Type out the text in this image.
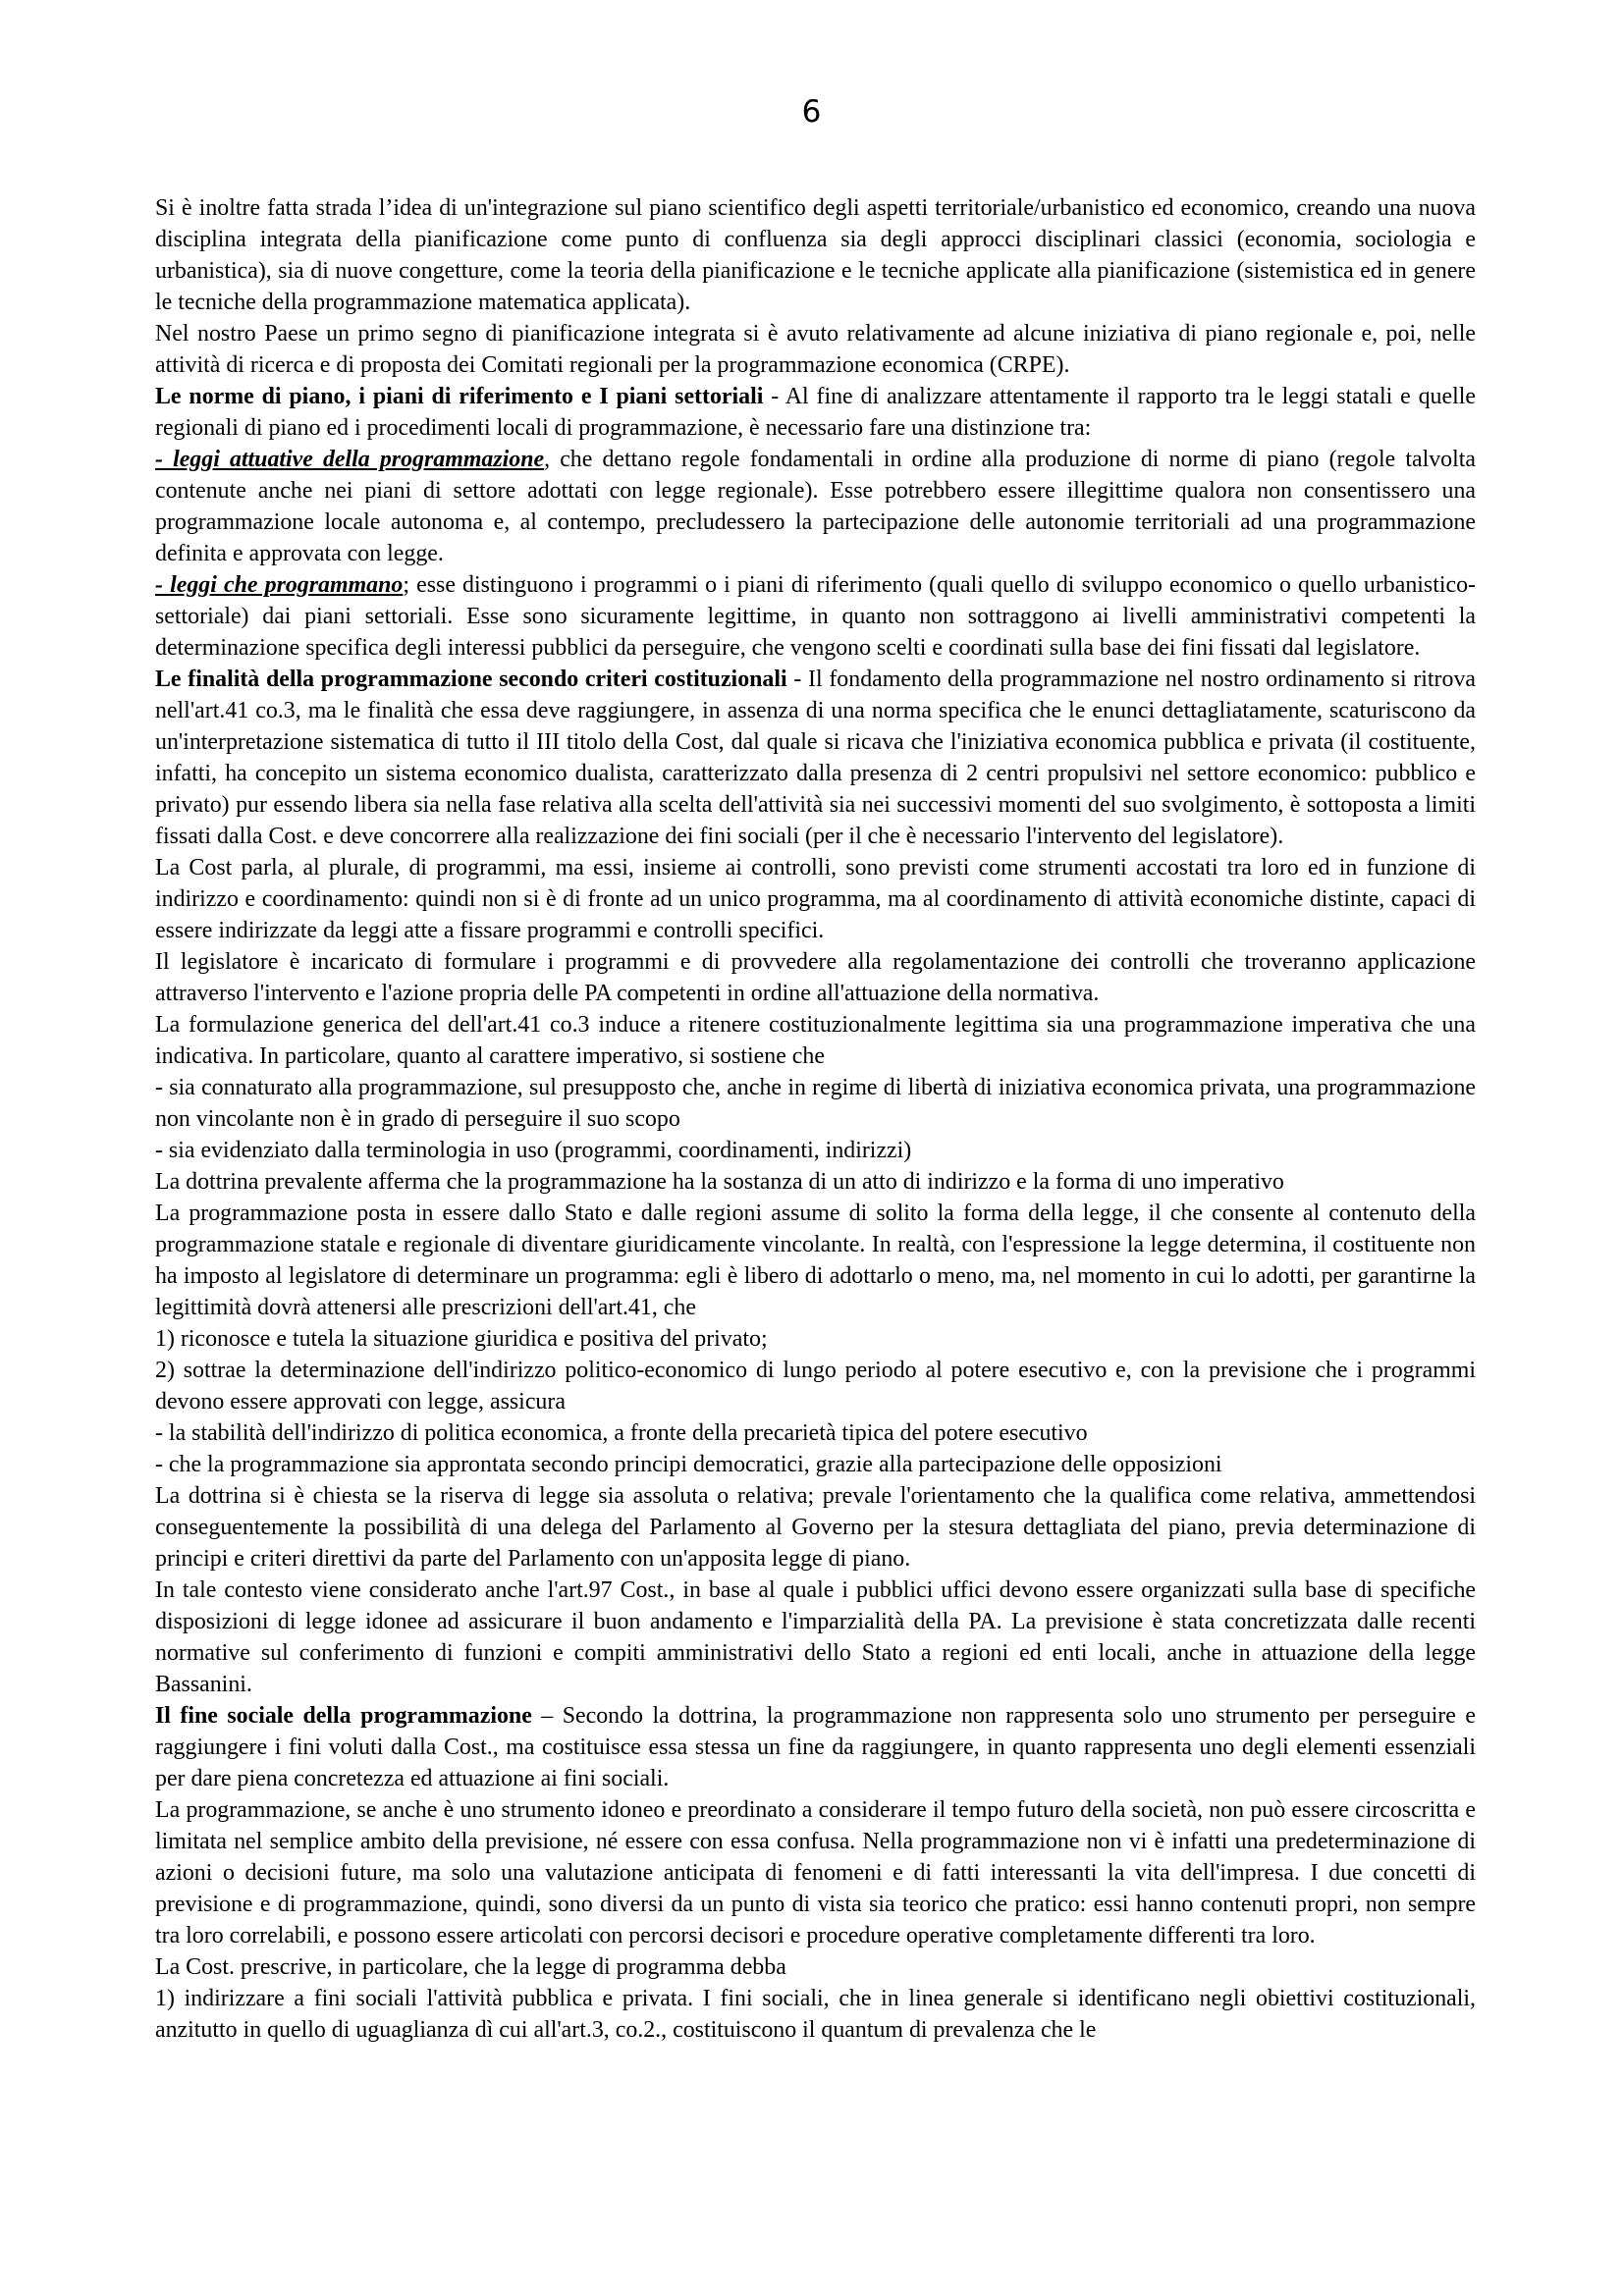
6

Si è inoltre fatta strada l’idea di un'integrazione sul piano scientifico degli aspetti territoriale/urbanistico ed economico, creando una nuova disciplina integrata della pianificazione come punto di confluenza sia degli approcci disciplinari classici (economia, sociologia e urbanistica), sia di nuove congetture, come la teoria della pianificazione e le tecniche applicate alla pianificazione (sistemistica ed in genere le tecniche della programmazione matematica applicata).

Nel nostro Paese un primo segno di pianificazione integrata si è avuto relativamente ad alcune iniziativa di piano regionale e, poi, nelle attività di ricerca e di proposta dei Comitati regionali per la programmazione economica (CRPE).

Le norme di piano, i piani di riferimento e I piani settoriali - Al fine di analizzare attentamente il rapporto tra le leggi statali e quelle regionali di piano ed i procedimenti locali di programmazione, è necessario fare una distinzione tra:

- leggi attuative della programmazione, che dettano regole fondamentali in ordine alla produzione di norme di piano (regole talvolta contenute anche nei piani di settore adottati con legge regionale). Esse potrebbero essere illegittime qualora non consentissero una programmazione locale autonoma e, al contempo, precludessero la partecipazione delle autonomie territoriali ad una programmazione definita e approvata con legge.

- leggi che programmano; esse distinguono i programmi o i piani di riferimento (quali quello di sviluppo economico o quello urbanistico-settoriale) dai piani settoriali. Esse sono sicuramente legittime, in quanto non sottraggono ai livelli amministrativi competenti la determinazione specifica degli interessi pubblici da perseguire, che vengono scelti e coordinati sulla base dei fini fissati dal legislatore.

Le finalità della programmazione secondo criteri costituzionali - Il fondamento della programmazione nel nostro ordinamento si ritrova nell'art.41 co.3, ma le finalità che essa deve raggiungere, in assenza di una norma specifica che le enunci dettagliatamente, scaturiscono da un'interpretazione sistematica di tutto il III titolo della Cost, dal quale si ricava che l'iniziativa economica pubblica e privata (il costituente, infatti, ha concepito un sistema economico dualista, caratterizzato dalla presenza di 2 centri propulsivi nel settore economico: pubblico e privato) pur essendo libera sia nella fase relativa alla scelta dell'attività sia nei successivi momenti del suo svolgimento, è sottoposta a limiti fissati dalla Cost. e deve concorrere alla realizzazione dei fini sociali (per il che è necessario l'intervento del legislatore).

La Cost parla, al plurale, di programmi, ma essi, insieme ai controlli, sono previsti come strumenti accostati tra loro ed in funzione di indirizzo e coordinamento: quindi non si è di fronte ad un unico programma, ma al coordinamento di attività economiche distinte, capaci di essere indirizzate da leggi atte a fissare programmi e controlli specifici.

Il legislatore è incaricato di formulare i programmi e di provvedere alla regolamentazione dei controlli che troveranno applicazione attraverso l'intervento e l'azione propria delle PA competenti in ordine all'attuazione della normativa.

La formulazione generica del dell'art.41 co.3 induce a ritenere costituzionalmente legittima sia una programmazione imperativa che una indicativa. In particolare, quanto al carattere imperativo, si sostiene che

- sia connaturato alla programmazione, sul presupposto che, anche in regime di libertà di iniziativa economica privata, una programmazione non vincolante non è in grado di perseguire il suo scopo

- sia evidenziato dalla terminologia in uso (programmi, coordinamenti, indirizzi)

La dottrina prevalente afferma che la programmazione ha la sostanza di un atto di indirizzo e la forma di uno imperativo

La programmazione posta in essere dallo Stato e dalle regioni assume di solito la forma della legge, il che consente al contenuto della programmazione statale e regionale di diventare giuridicamente vincolante. In realtà, con l'espressione la legge determina, il costituente non ha imposto al legislatore di determinare un programma: egli è libero di adottarlo o meno, ma, nel momento in cui lo adotti, per garantirne la legittimità dovrà attenersi alle prescrizioni dell'art.41, che

1) riconosce e tutela la situazione giuridica e positiva del privato;

2) sottrae la determinazione dell'indirizzo politico-economico di lungo periodo al potere esecutivo e, con la previsione che i programmi devono essere approvati con legge, assicura

- la stabilità dell'indirizzo di politica economica, a fronte della precarietà tipica del potere esecutivo

- che la programmazione sia approntata secondo principi democratici, grazie alla partecipazione delle opposizioni

La dottrina si è chiesta se la riserva di legge sia assoluta o relativa; prevale l'orientamento che la qualifica come relativa, ammettendosi conseguentemente la possibilità di una delega del Parlamento al Governo per la stesura dettagliata del piano, previa determinazione di principi e criteri direttivi da parte del Parlamento con un'apposita legge di piano.

In tale contesto viene considerato anche l'art.97 Cost., in base al quale i pubblici uffici devono essere organizzati sulla base di specifiche disposizioni di legge idonee ad assicurare il buon andamento e l'imparzialità della PA. La previsione è stata concretizzata dalle recenti normative sul conferimento di funzioni e compiti amministrativi dello Stato a regioni ed enti locali, anche in attuazione della legge Bassanini.

Il fine sociale della programmazione – Secondo la dottrina, la programmazione non rappresenta solo uno strumento per perseguire e raggiungere i fini voluti dalla Cost., ma costituisce essa stessa un fine da raggiungere, in quanto rappresenta uno degli elementi essenziali per dare piena concretezza ed attuazione ai fini sociali.

La programmazione, se anche è uno strumento idoneo e preordinato a considerare il tempo futuro della società, non può essere circoscritta e limitata nel semplice ambito della previsione, né essere con essa confusa. Nella programmazione non vi è infatti una predeterminazione di azioni o decisioni future, ma solo una valutazione anticipata di fenomeni e di fatti interessanti la vita dell'impresa. I due concetti di previsione e di programmazione, quindi, sono diversi da un punto di vista sia teorico che pratico: essi hanno contenuti propri, non sempre tra loro correlabili, e possono essere articolati con percorsi decisori e procedure operative completamente differenti tra loro.

La Cost. prescrive, in particolare, che la legge di programma debba

1) indirizzare a fini sociali l'attività pubblica e privata. I fini sociali, che in linea generale si identificano negli obiettivi costituzionali, anzitutto in quello di uguaglianza dì cui all'art.3, co.2., costituiscono il quantum di prevalenza che le
